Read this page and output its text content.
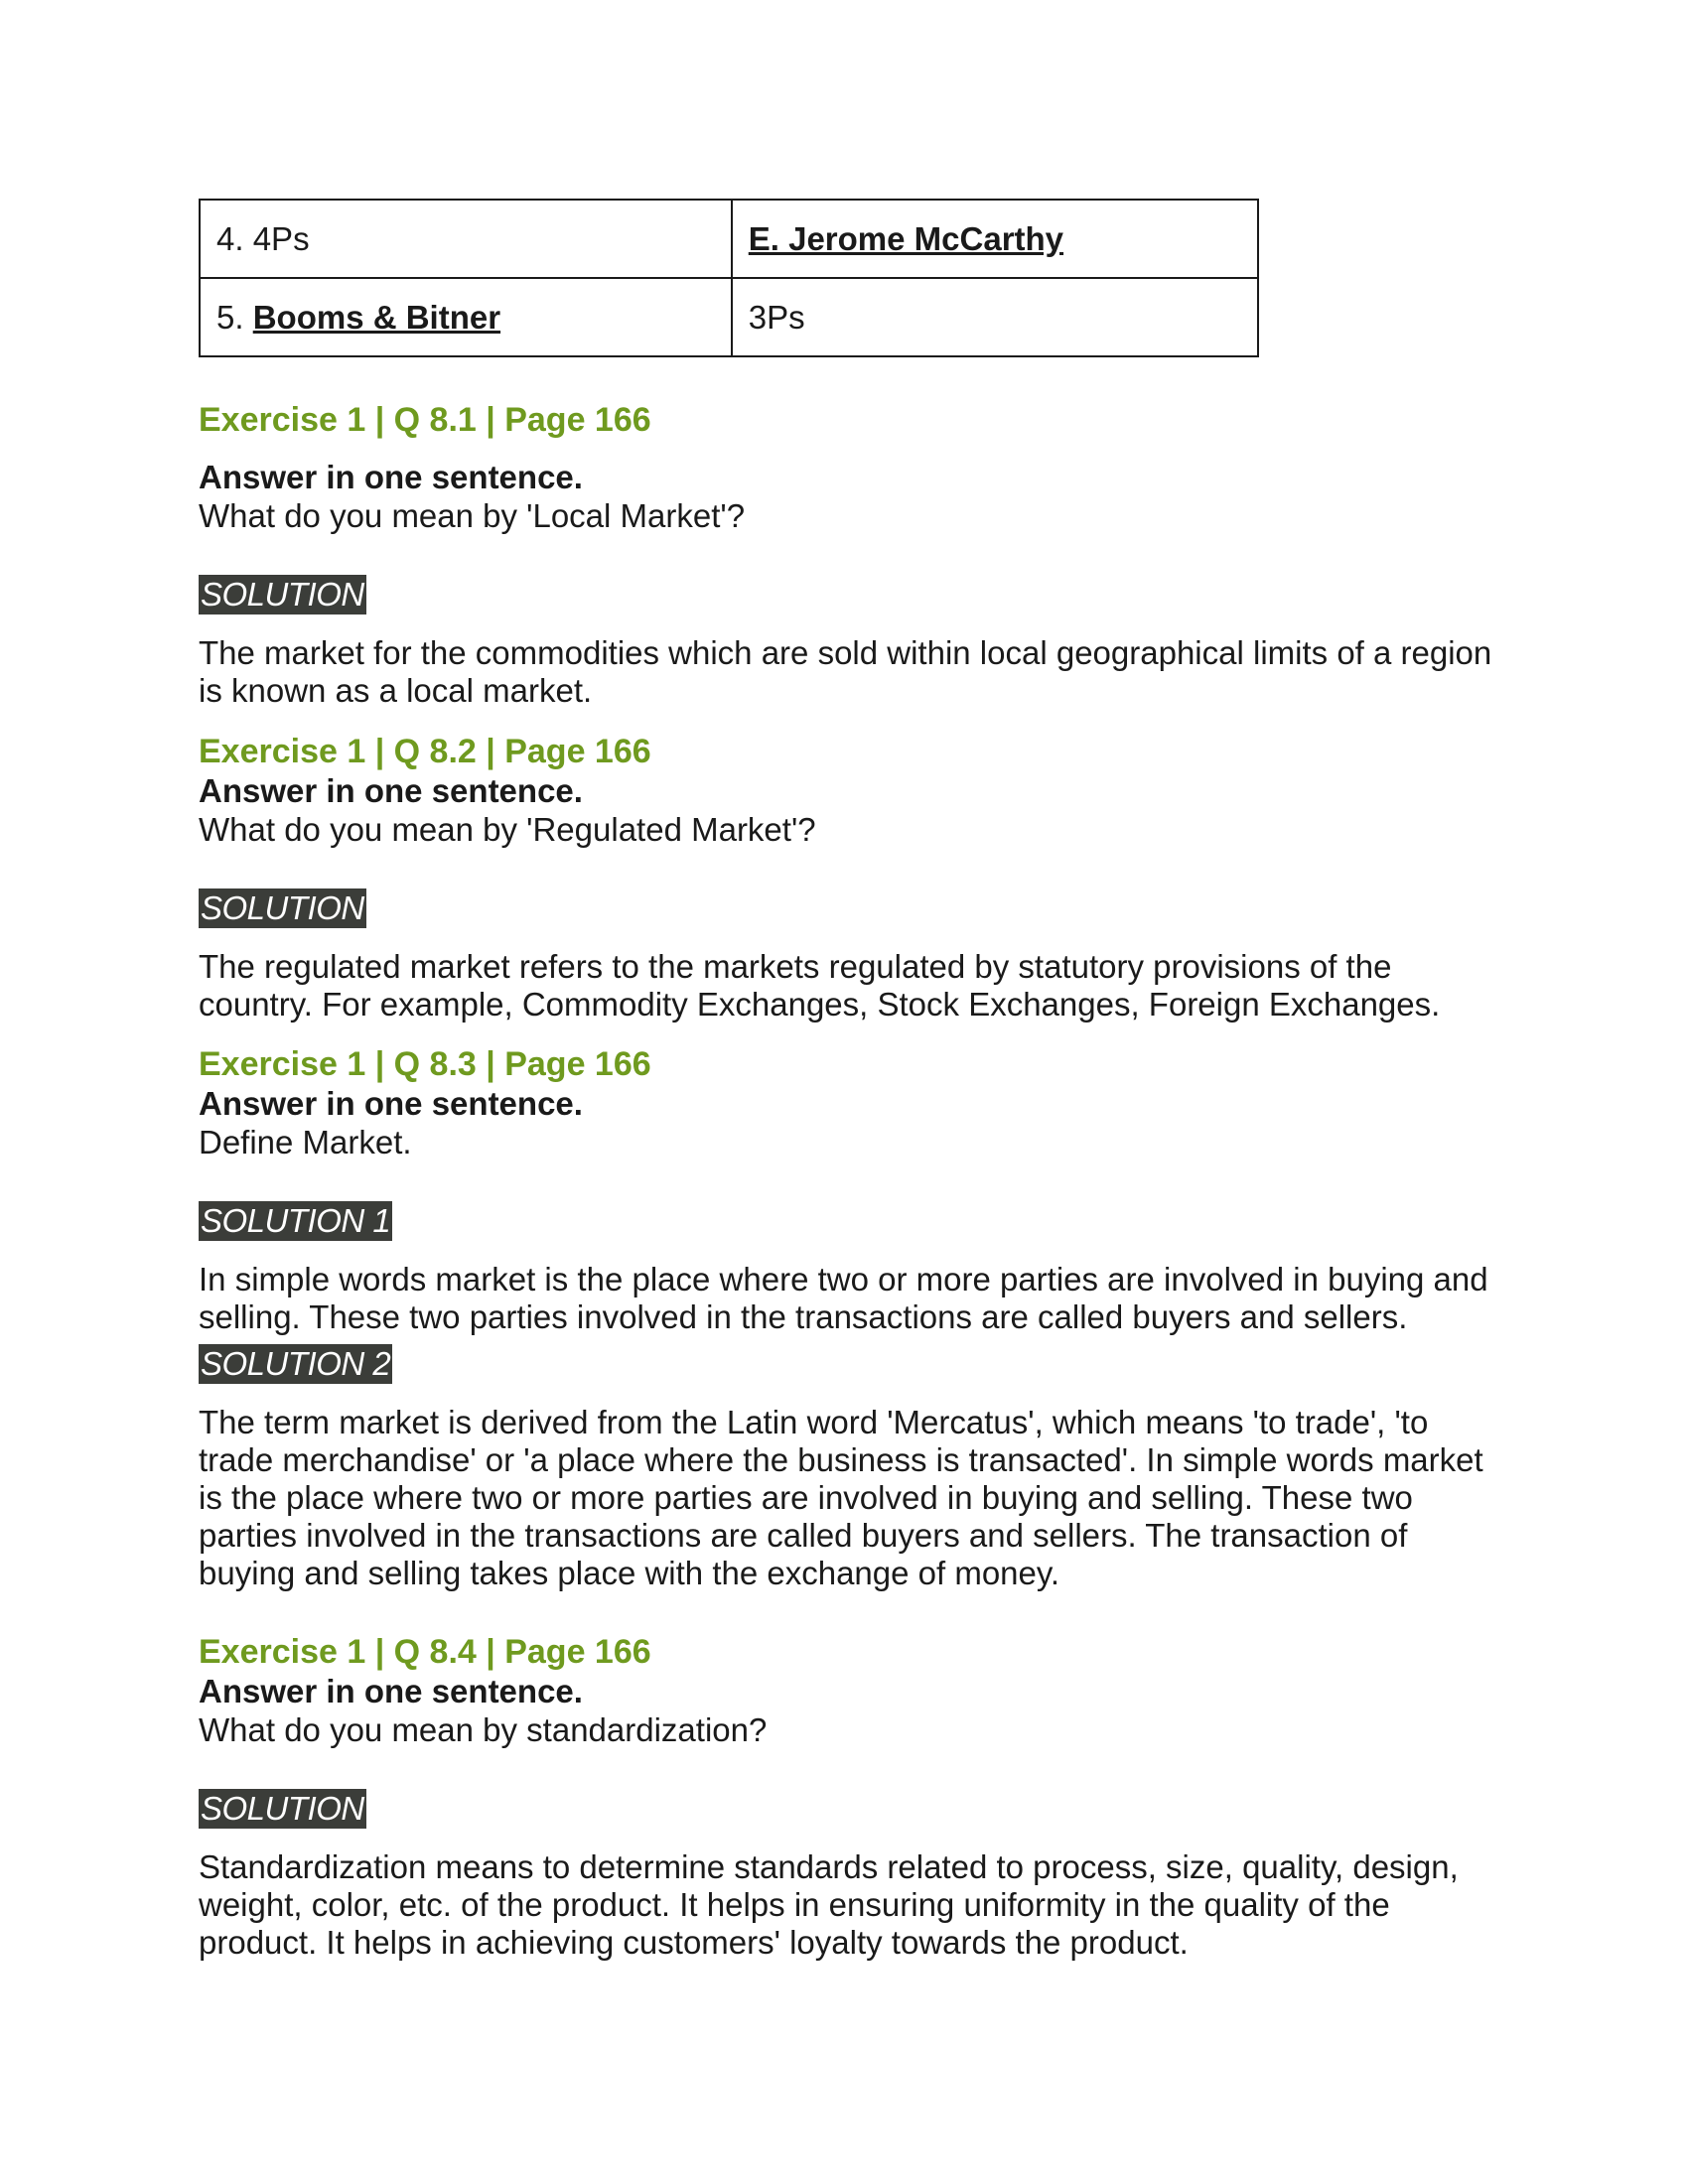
4. 4Ps	E. Jerome McCarthy
5. Booms & Bitner	3Ps

Exercise 1 | Q 8.1 | Page 166

Answer in one sentence.

What do you mean by 'Local Market'?

SOLUTION

The market for the commodities which are sold within local geographical limits of a region is known as a local market.

Exercise 1 | Q 8.2 | Page 166

Answer in one sentence.

What do you mean by 'Regulated Market'?

SOLUTION

The regulated market refers to the markets regulated by statutory provisions of the country. For example, Commodity Exchanges, Stock Exchanges, Foreign Exchanges.

Exercise 1 | Q 8.3 | Page 166

Answer in one sentence.

Define Market.

SOLUTION 1

In simple words market is the place where two or more parties are involved in buying and selling. These two parties involved in the transactions are called buyers and sellers.

SOLUTION 2

The term market is derived from the Latin word 'Mercatus', which means 'to trade', 'to trade merchandise' or 'a place where the business is transacted'. In simple words market is the place where two or more parties are involved in buying and selling. These two parties involved in the transactions are called buyers and sellers. The transaction of buying and selling takes place with the exchange of money.

Exercise 1 | Q 8.4 | Page 166

Answer in one sentence.

What do you mean by standardization?

SOLUTION

Standardization means to determine standards related to process, size, quality, design, weight, color, etc. of the product. It helps in ensuring uniformity in the quality of the product. It helps in achieving customers' loyalty towards the product.
